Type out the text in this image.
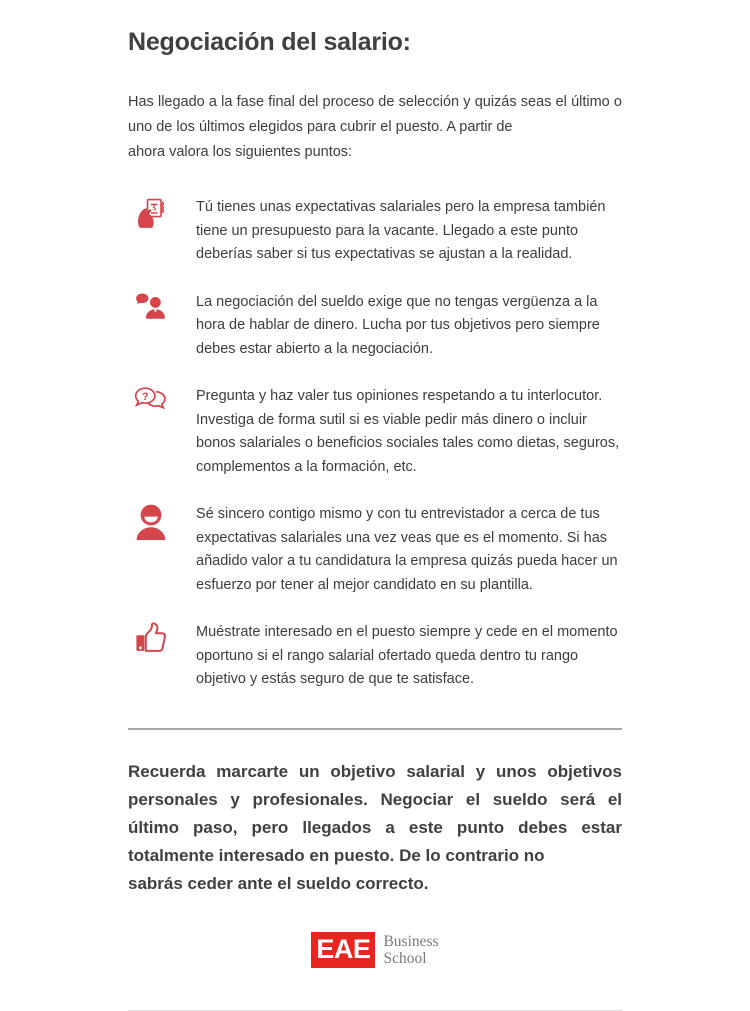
Negociación del salario:

Has llegado a la fase final del proceso de selección y quizás seas el último o uno de los últimos elegidos para cubrir el puesto. A partir de
ahora valora los siguientes puntos:

$	Tú tienes unas expectativas salariales pero la empresa también tiene un presupuesto para la vacante. Llegado a este punto deberías saber si tus expectativas se ajustan a la realidad.
La negociación del sueldo exige que no tengas vergüenza a la hora de hablar de dinero. Lucha por tus objetivos pero siempre debes estar abierto a la negociación.
?	Pregunta y haz valer tus opiniones respetando a tu interlocutor. Investiga de forma sutil si es viable pedir más dinero o incluir bonos salariales o beneficios sociales tales como dietas, seguros, complementos a la formación, etc.
Sé sincero contigo mismo y con tu entrevistador a cerca de tus expectativas salariales una vez veas que es el momento. Si has añadido valor a tu candidatura la empresa quizás pueda hacer un esfuerzo por tener al mejor candidato en su plantilla.
Muéstrate interesado en el puesto siempre y cede en el momento oportuno si el rango salarial ofertado queda dentro tu rango objetivo y estás seguro de que te satisface.

Recuerda marcarte un objetivo salarial y unos objetivos personales y profesionales. Negociar el sueldo será el último paso, pero llegados a este punto debes estar totalmente interesado en puesto. De lo contrario no
sabrás ceder ante el sueldo correcto.

EAE Business
School
